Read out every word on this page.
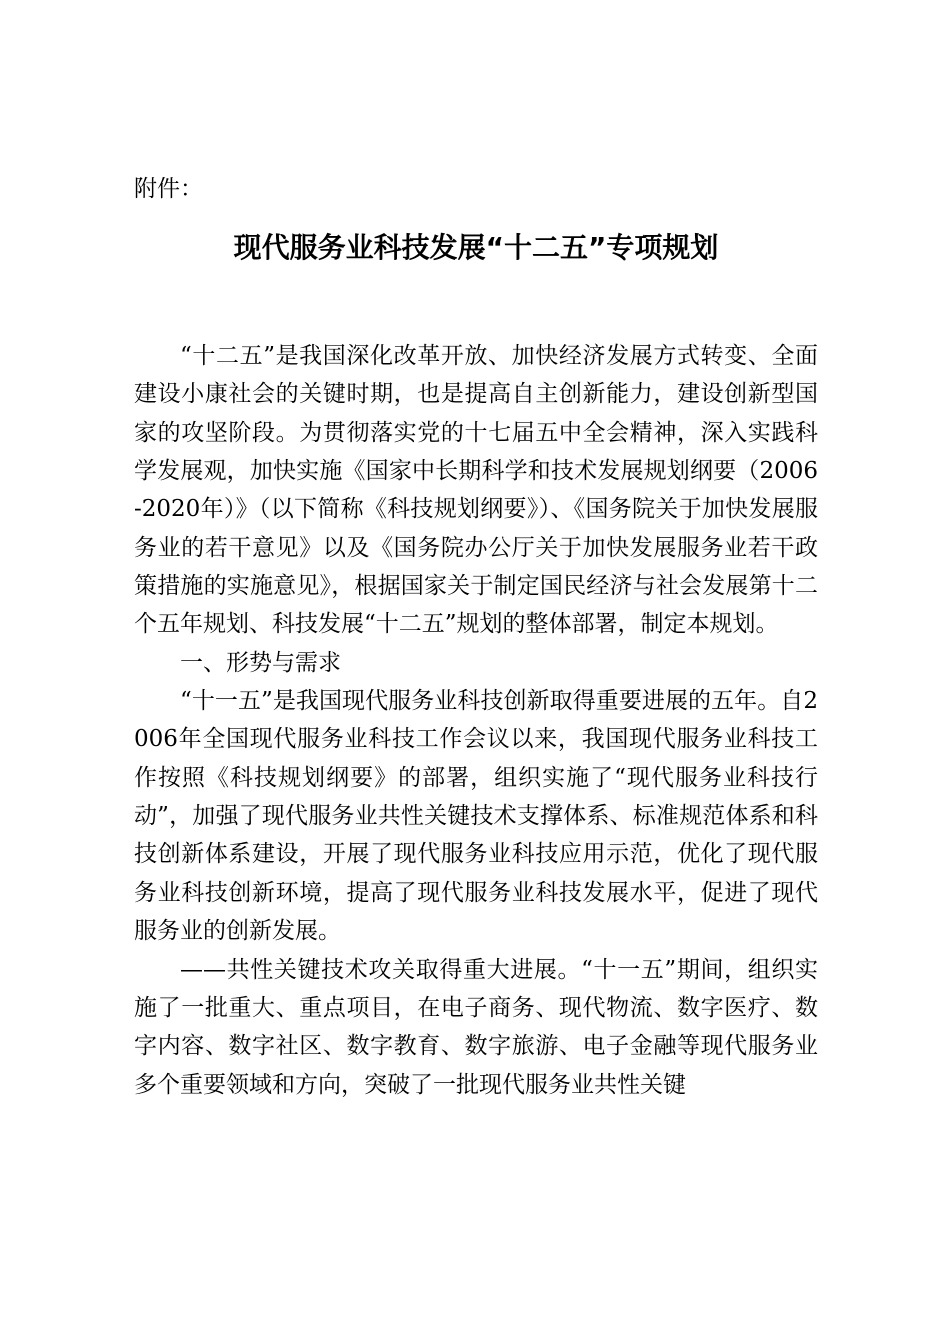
附件：
现代服务业科技发展“十二五”专项规划

“十二五”是我国深化改革开放、加快经济发展方式转变、全面建设小康社会的关键时期，也是提高自主创新能力，建设创新型国家的攻坚阶段。为贯彻落实党的十七届五中全会精神，深入实践科学发展观，加快实施《国家中长期科学和技术发展规划纲要（2006-2020年）》（以下简称《科技规划纲要》）、《国务院关于加快发展服务业的若干意见》以及《国务院办公厅关于加快发展服务业若干政策措施的实施意见》，根据国家关于制定国民经济与社会发展第十二个五年规划、科技发展“十二五”规划的整体部署，制定本规划。

一、形势与需求

“十一五”是我国现代服务业科技创新取得重要进展的五年。自2006年全国现代服务业科技工作会议以来，我国现代服务业科技工作按照《科技规划纲要》的部署，组织实施了“现代服务业科技行动”，加强了现代服务业共性关键技术支撑体系、标准规范体系和科技创新体系建设，开展了现代服务业科技应用示范，优化了现代服务业科技创新环境，提高了现代服务业科技发展水平，促进了现代服务业的创新发展。

——共性关键技术攻关取得重大进展。“十一五”期间，组织实施了一批重大、重点项目，在电子商务、现代物流、数字医疗、数字内容、数字社区、数字教育、数字旅游、电子金融等现代服务业多个重要领域和方向，突破了一批现代服务业共性关键
